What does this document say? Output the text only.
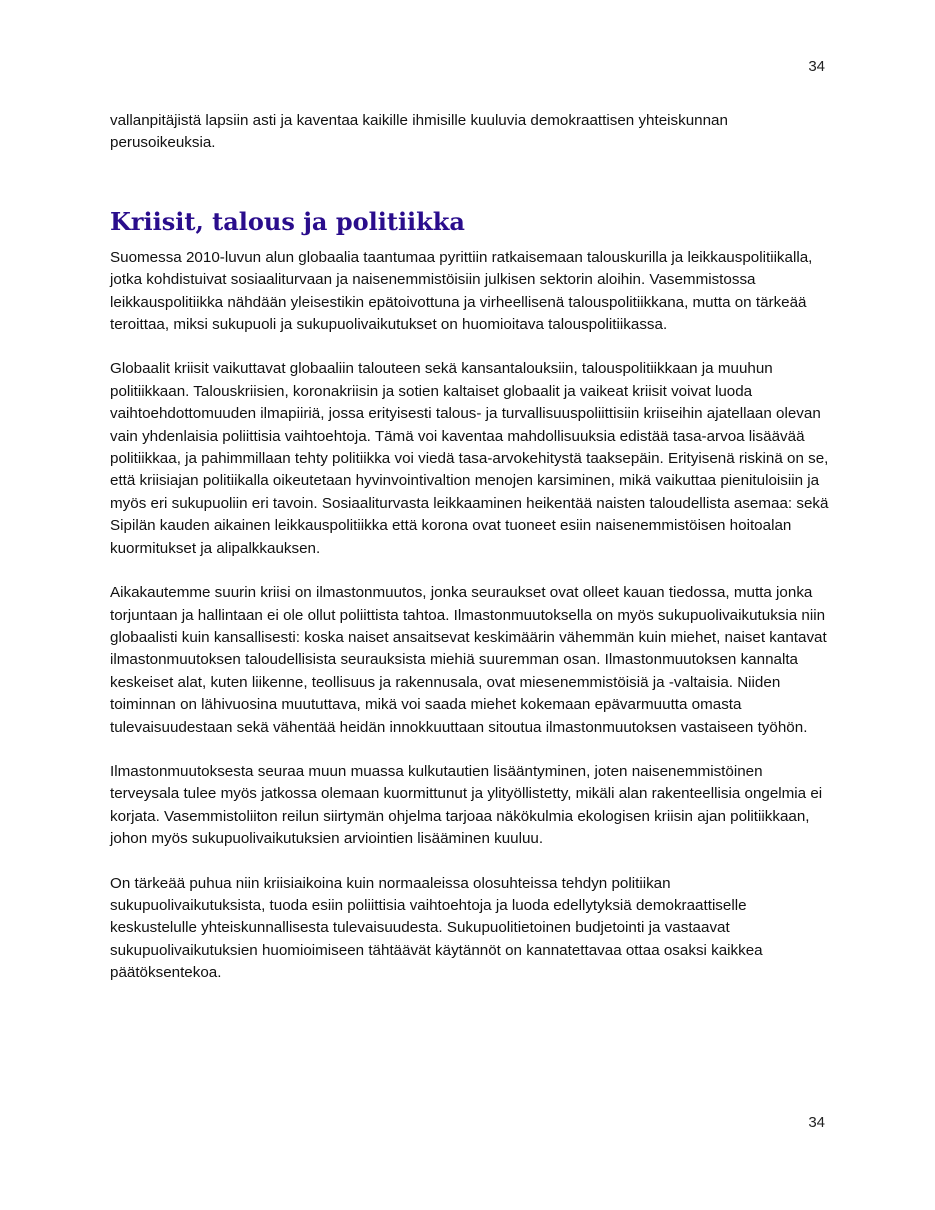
34

vallanpitäjistä lapsiin asti ja kaventaa kaikille ihmisille kuuluvia demokraattisen yhteiskunnan perusoikeuksia.

Kriisit, talous ja politiikka

Suomessa 2010-luvun alun globaalia taantumaa pyrittiin ratkaisemaan talouskurilla ja leikkauspolitiikalla, jotka kohdistuivat sosiaaliturvaan ja naisenemmistöisiin julkisen sektorin aloihin. Vasemmistossa leikkauspolitiikka nähdään yleisestikin epätoivottuna ja virheellisenä talouspolitiikkana, mutta on tärkeää teroittaa, miksi sukupuoli ja sukupuolivaikutukset on huomioitava talouspolitiikassa.

Globaalit kriisit vaikuttavat globaaliin talouteen sekä kansantalouksiin, talouspolitiikkaan ja muuhun politiikkaan. Talouskriisien, koronakriisin ja sotien kaltaiset globaalit ja vaikeat kriisit voivat luoda vaihtoehdottomuuden ilmapiiriä, jossa erityisesti talous- ja turvallisuuspoliittisiin kriiseihin ajatellaan olevan vain yhdenlaisia poliittisia vaihtoehtoja. Tämä voi kaventaa mahdollisuuksia edistää tasa-arvoa lisäävää politiikkaa, ja pahimmillaan tehty politiikka voi viedä tasa-arvokehitystä taaksepäin. Erityisenä riskinä on se, että kriisiajan politiikalla oikeutetaan hyvinvointivaltion menojen karsiminen, mikä vaikuttaa pienituloisiin ja myös eri sukupuoliin eri tavoin. Sosiaaliturvasta leikkaaminen heikentää naisten taloudellista asemaa: sekä Sipilän kauden aikainen leikkauspolitiikka että korona ovat tuoneet esiin naisenemmistöisen hoitoalan kuormitukset ja alipalkkauksen.

Aikakautemme suurin kriisi on ilmastonmuutos, jonka seuraukset ovat olleet kauan tiedossa, mutta jonka torjuntaan ja hallintaan ei ole ollut poliittista tahtoa. Ilmastonmuutoksella on myös sukupuolivaikutuksia niin globaalisti kuin kansallisesti: koska naiset ansaitsevat keskimäärin vähemmän kuin miehet, naiset kantavat ilmastonmuutoksen taloudellisista seurauksista miehiä suuremman osan. Ilmastonmuutoksen kannalta keskeiset alat, kuten liikenne, teollisuus ja rakennusala, ovat miesenemmistöisiä ja -valtaisia. Niiden toiminnan on lähivuosina muututtava, mikä voi saada miehet kokemaan epävarmuutta omasta tulevaisuudestaan sekä vähentää heidän innokkuuttaan sitoutua ilmastonmuutoksen vastaiseen työhön.

Ilmastonmuutoksesta seuraa muun muassa kulkutautien lisääntyminen, joten naisenemmistöinen terveysala tulee myös jatkossa olemaan kuormittunut ja ylityöllistetty, mikäli alan rakenteellisia ongelmia ei korjata. Vasemmistoliiton reilun siirtymän ohjelma tarjoaa näkökulmia ekologisen kriisin ajan politiikkaan, johon myös sukupuolivaikutuksien arviointien lisääminen kuuluu.

On tärkeää puhua niin kriisiaikoina kuin normaaleissa olosuhteissa tehdyn politiikan sukupuolivaikutuksista, tuoda esiin poliittisia vaihtoehtoja ja luoda edellytyksiä demokraattiselle keskustelulle yhteiskunnallisesta tulevaisuudesta. Sukupuolitietoinen budjetointi ja vastaavat sukupuolivaikutuksien huomioimiseen tähtäävät käytännöt on kannatettavaa ottaa osaksi kaikkea päätöksentekoa.

34
